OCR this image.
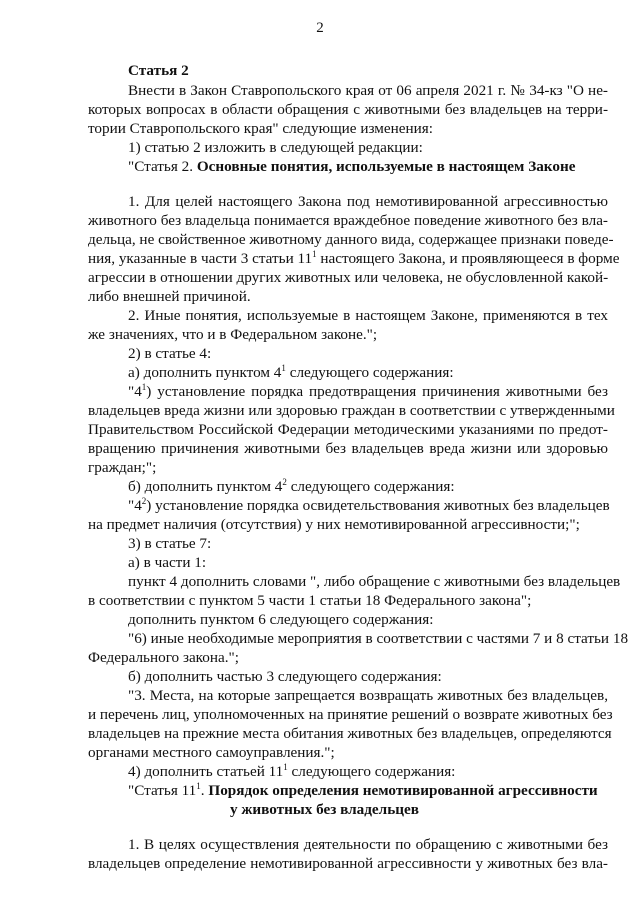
2
Статья 2
Внести в Закон Ставропольского края от 06 апреля 2021 г. № 34-кз "О не-
которых вопросах в области обращения с животными без владельцев на терри-
тории Ставропольского края" следующие изменения:
1) статью 2 изложить в следующей редакции:
"Статья 2. Основные понятия, используемые в настоящем Законе
1. Для целей настоящего Закона под немотивированной агрессивностью
животного без владельца понимается враждебное поведение животного без вла-
дельца, не свойственное животному данного вида, содержащее признаки поведе-
ния, указанные в части 3 статьи $11^1$ настоящего Закона, и проявляющееся в форме
агрессии в отношении других животных или человека, не обусловленной какой-
либо внешней причиной.
2. Иные понятия, используемые в настоящем Законе, применяются в тех
же значениях, что и в Федеральном законе.";
2) в статье 4:
а) дополнить пунктом $4^1$ следующего содержания:
"$4^1$) установление порядка предотвращения причинения животными без
владельцев вреда жизни или здоровью граждан в соответствии с утвержденными
Правительством Российской Федерации методическими указаниями по предот-
вращению причинения животными без владельцев вреда жизни или здоровью
граждан;";
б) дополнить пунктом $4^2$ следующего содержания:
"$4^2$) установление порядка освидетельствования животных без владельцев
на предмет наличия (отсутствия) у них немотивированной агрессивности;";
3) в статье 7:
а) в части 1:
пункт 4 дополнить словами ", либо обращение с животными без владельцев
в соответствии с пунктом 5 части 1 статьи 18 Федерального закона";
дополнить пунктом 6 следующего содержания:
"6) иные необходимые мероприятия в соответствии с частями 7 и 8 статьи 18
Федерального закона.";
б) дополнить частью 3 следующего содержания:
"3. Места, на которые запрещается возвращать животных без владельцев,
и перечень лиц, уполномоченных на принятие решений о возврате животных без
владельцев на прежние места обитания животных без владельцев, определяются
органами местного самоуправления.";
4) дополнить статьей $11^1$ следующего содержания:
"Статья $11^1$. Порядок определения немотивированной агрессивности
у животных без владельцев
1. В целях осуществления деятельности по обращению с животными без
владельцев определение немотивированной агрессивности у животных без вла-
